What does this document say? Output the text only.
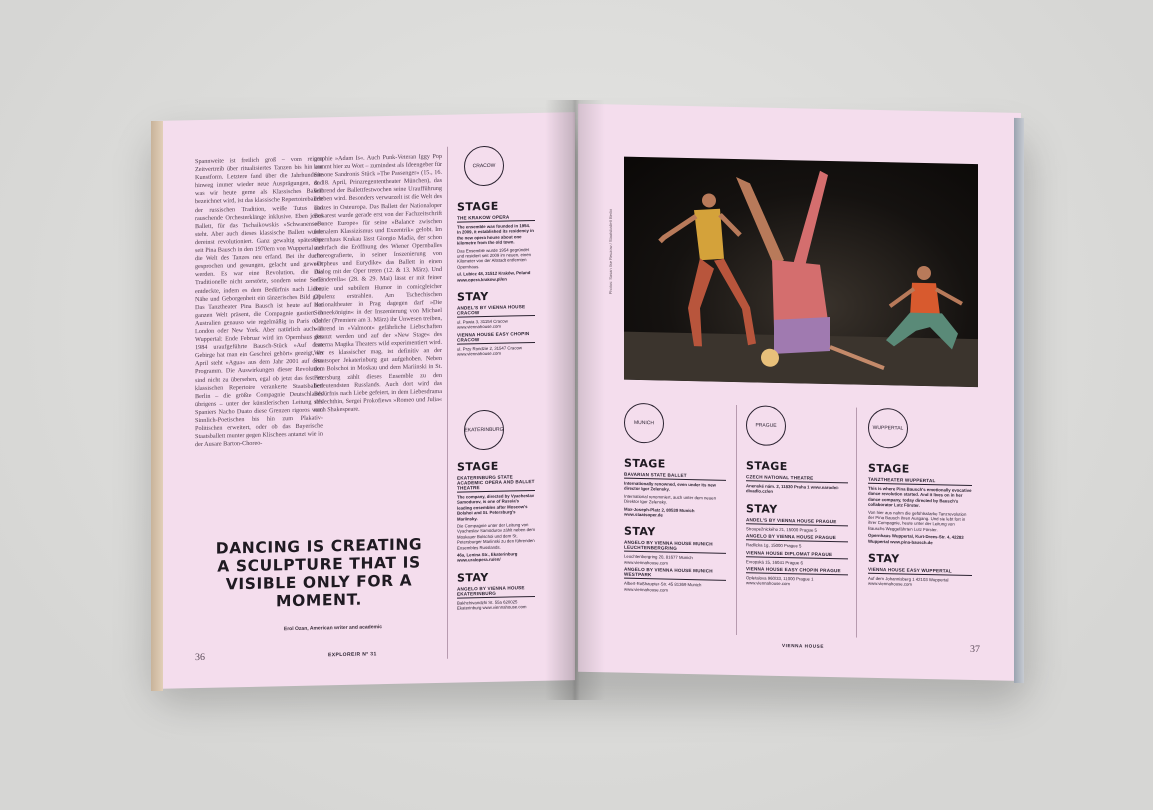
Spannweite ist freilich groß – vom reinen Zeitvertreib über ritualisiertes Tanzen bis hin zur Kunstform. Letztere fand über die Jahrhunderte hinweg immer wieder neue Ausprägungen, und was wir heute gerne als Klassisches Ballett bezeichnet wird, ist das klassische Repertoireballett der russischen Tradition, weiße Tutus und rauschende Orchesterklänge inklusive. Eben jenes Ballett, für das Tschaikowskis »Schwanensee« steht. Aber auch dieses klassische Ballett wurde dereinst revolutioniert. Ganz gewaltig spätestens seit Pina Bausch in den 1970ern von Wuppertal aus die Welt des Tanzes neu erfand. Bei ihr durfte gesprochen und gesungen, gelacht und geweint werden. Es war eine Revolution, die das Traditionelle nicht zerstörte, sondern seine Seele entdeckte, indem es dem Bedürfnis nach Liebe, Nähe und Geborgenheit ein tänzerisches Bild gab. Das Tanztheater Pina Bausch ist heute auf der ganzen Welt präsent, die Compagnie gastiert in Australien genauso wie regelmäßig in Paris oder London oder New York. Aber natürlich auch in Wuppertal: Ende Februar wird im Opernhaus das 1984 uraufgeführte Bausch-Stück »Auf dem Gebirge hat man ein Geschrei gehört« gezeigt, im April steht »Agua« aus dem Jahr 2001 auf dem Programm. Die Auswirkungen dieser Revolution sind nicht zu übersehen, egal ob jetzt das fest im klassischen Repertoire verankerte Staatsballett Berlin – die größte Compagnie Deutschlands übrigens – unter der künstlerischen Leitung des Spaniers Nacho Duato diese Grenzen rigoros vom Sinnlich-Poetischen bis hin zum Plakativ-Politischen erweitert, oder ob das Bayerische Staatsballett munter gegen Klischees antanzt wie in der Ausare Barton-Choreo-
graphie »Adam Is«. Auch Punk-Veteran Iggy Pop kommt hier zu Wort – zumindest als Ideengeber für Simone Sandronis Stück »The Passenger« (15., 16. & 18. April, Prinzregententheater München), das während der Ballettfestwochen seine Uraufführung erleben wird. Besonders verwurzelt ist die Welt des Tanzes in Osteuropa. Das Ballett der Nationaloper Bukarest wurde gerade erst von der Fachzeitschrift »Dance Europe« für seine »Balance zwischen formalem Klassizismus und Exzentrik« gelobt. Im Opernhaus Krakau lässt Giorgio Madia, der schon mehrfach die Eröffnung des Wiener Opernballes choreografierte, in seiner Inszenierung von »Orpheus und Eurydike« das Ballett in einen Dialog mit der Oper treten (12. & 13. März). Und »Cinderella« (28. & 29. Mai) lässt er mit feiner Ironie und subtilem Humor in comicgleicher Opulenz erstrahlen. Am Tschechischen Nationaltheater in Prag dagegen darf »Die Schneekönigin« in der Inszenierung von Michael Calder (Premiere am 3. März) ihr Unwesen treiben, während in »Valmont« gefährliche Liebschaften getanzt werden und auf der »New Stage« des Laterna Magika Theaters wild experimentiert wird. Wer es klassischer mag, ist definitiv an der Staatsoper Jekaterinburg gut aufgehoben. Neben dem Bolschoi in Moskau und dem Mariinski in St. Petersburg zählt dieses Ensemble zu den bedeutendsten Russlands. Auch dort wird das Bedürfnis nach Liebe gefeiert, in dem Liebesdrama schlechthin, Sergei Prokofiews »Romeo und Julia« nach Shakespeare.
DANCING IS CREATING A SCULPTURE THAT IS VISIBLE ONLY FOR A MOMENT.
Erol Ozan, American writer and academic
36	EXPLORE/R Nº 31
CRACOW
STAGE
THE KRAKOW OPERA
The ensemble was founded in 1954. In 2009, it established its residency in the new opera house about one kilometre from the old town.
Das Ensemble wurde 1954 gegründet und residiert seit 2009 im neuen, einen Kilometer von der Altstadt entfernten Opernhaus.
ul. Lubicz 48, 31512 Kraków, Poland www.opera.krakow.pl/en
STAY
ANDEL'S BY VIENNA HOUSE CRACOW
ul. Pawia 3, 31154 Cracow www.viennahouse.com
VIENNA HOUSE EASY CHOPIN CRACOW
ul. Przy Rondzie 2, 31547 Cracow www.viennahouse.com
EKATERINBURG
STAGE
EKATERINBURG STATE ACADEMIC OPERA AND BALLET THEATRE
The company, directed by Vyacheslav Samodurov, is one of Russia's leading ensembles after Moscow's Bolshoi and St. Petersburg's Mariinsky.
Die Compagnie unter der Leitung von Vyacheslav Samodurov zählt neben dem Moskauer Bolschoi und dem St. Petersburger Mariinski zu den führenden Ensembles Russlands.
46a, Lenina Str., Ekaterinburg www.uralopera.ru/en/
STAY
ANGELO BY VIENNA HOUSE EKATERINBURG
Bakhchivandzhi St. 55a 620025 Ekaterinburg www.viennahouse.com
Photos: Sasan Ilse Reuzow / Staatsballett Berlin
MUNICH
STAGE
BAVARIAN STATE BALLET
Internationally renowned, even under its new director Igor Zelensky.
International renommiert, auch unter dem neuen Direktor Igor Zelensky.
Max-Joseph-Platz 2, 80539 Munich www.staatsoper.de
STAY
ANGELO BY VIENNA HOUSE MUNICH LEUCHTENBERGRING
Leuchtenbergring 20, 81677 Munich www.viennahouse.com
ANGELO BY VIENNA HOUSE MUNICH WESTPARK
Albert-Roßhaupter-Str. 45 81369 Munich www.viennahouse.com
PRAGUE
STAGE
CZECH NATIONAL THEATRE
Anenské nám. 2, 11830 Praha 1 www.narodni-divadlo.cz/en
STAY
ANDEL'S BY VIENNA HOUSE PRAGUE
Stroupežnického 21, 15000 Prague 5
ANGELO BY VIENNA HOUSE PRAGUE
Radlicka 1g, 15000 Prague 5
VIENNA HOUSE DIPLOMAT PRAGUE
Evropská 15, 16041 Prague 6
VIENNA HOUSE EASY CHOPIN PRAGUE
Opletalova 960/33, 11000 Prague 1 www.viennahouse.com
WUPPERTAL
STAGE
TANZTHEATER WUPPERTAL
This is where Pina Bausch's emotionally evocative dance revolution started. And it lives on in her dance company, today directed by Bausch's collaborator Lutz Förster.
Von hier aus nahm die gefühlsstarke Tanzrevolution der Pina Bausch ihren Ausgang. Und sie lebt fort in ihrer Compagnie, heute unter der Leitung von Bauschs Weggefährten Lutz Förster.
Opernhaus Wuppertal, Kurt-Drees-Str. 4, 42283 Wuppertal www.pina-bausch.de
STAY
VIENNA HOUSE EASY WUPPERTAL
Auf dem Johannisberg 1 42103 Wuppertal www.viennahouse.com
VIENNA HOUSE	37
